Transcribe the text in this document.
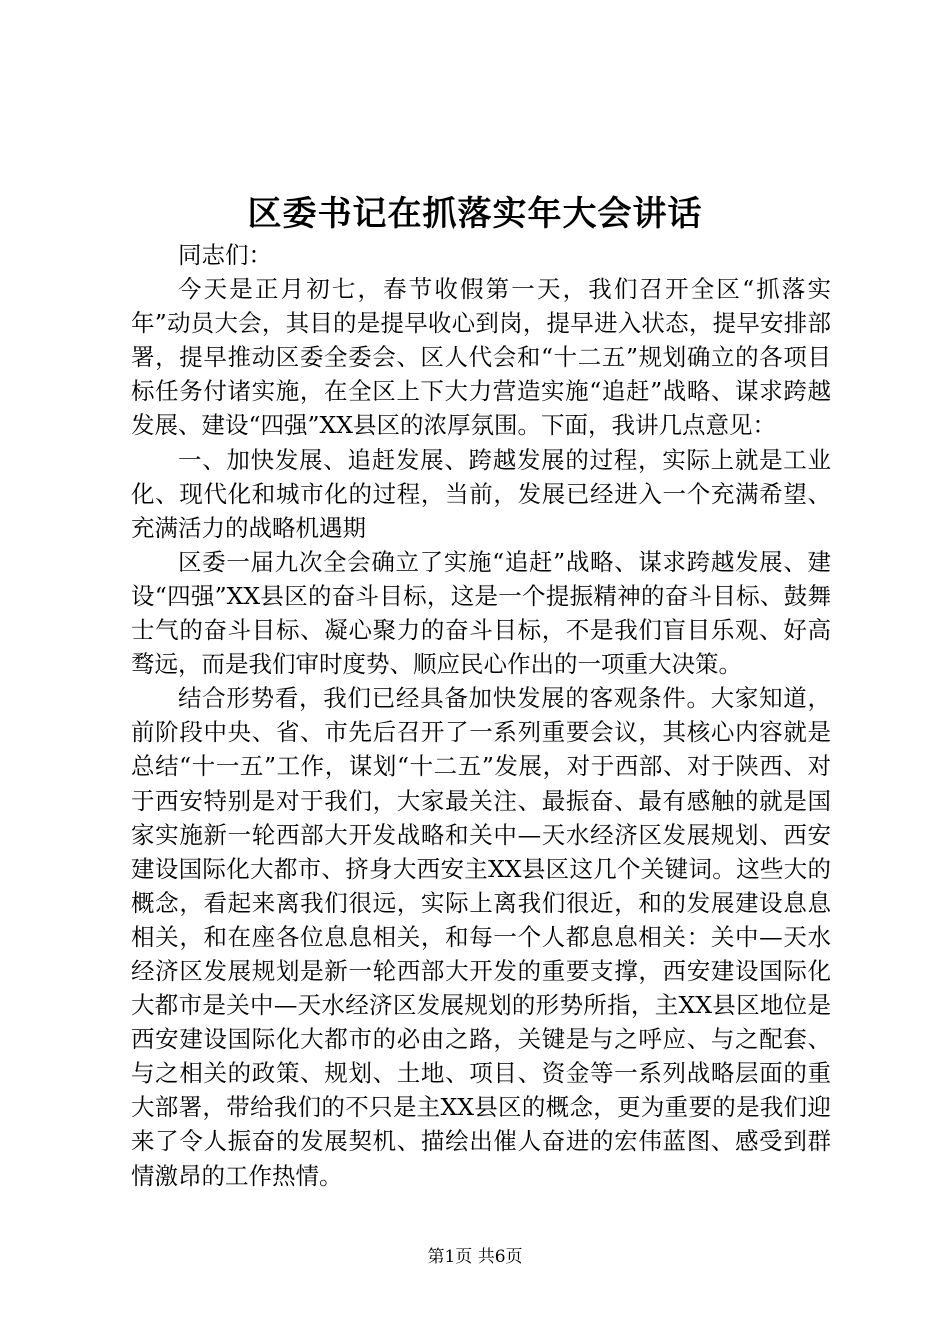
区委书记在抓落实年大会讲话

同志们：

今天是正月初七，春节收假第一天，我们召开全区“抓落实年”动员大会，其目的是提早收心到岗，提早进入状态，提早安排部署，提早推动区委全委会、区人代会和“十二五”规划确立的各项目标任务付诸实施，在全区上下大力营造实施“追赶”战略、谋求跨越发展、建设“四强”XX县区的浓厚氛围。下面，我讲几点意见：

一、加快发展、追赶发展、跨越发展的过程，实际上就是工业化、现代化和城市化的过程，当前，发展已经进入一个充满希望、充满活力的战略机遇期

区委一届九次全会确立了实施“追赶”战略、谋求跨越发展、建设“四强”XX县区的奋斗目标，这是一个提振精神的奋斗目标、鼓舞士气的奋斗目标、凝心聚力的奋斗目标，不是我们盲目乐观、好高骛远，而是我们审时度势、顺应民心作出的一项重大决策。

结合形势看，我们已经具备加快发展的客观条件。大家知道，前阶段中央、省、市先后召开了一系列重要会议，其核心内容就是总结“十一五”工作，谋划“十二五”发展，对于西部、对于陕西、对于西安特别是对于我们，大家最关注、最振奋、最有感触的就是国家实施新一轮西部大开发战略和关中—天水经济区发展规划、西安建设国际化大都市、挤身大西安主XX县区这几个关键词。这些大的概念，看起来离我们很远，实际上离我们很近，和的发展建设息息相关，和在座各位息息相关，和每一个人都息息相关：关中—天水经济区发展规划是新一轮西部大开发的重要支撑，西安建设国际化大都市是关中—天水经济区发展规划的形势所指，主XX县区地位是西安建设国际化大都市的必由之路，关键是与之呼应、与之配套、与之相关的政策、规划、土地、项目、资金等一系列战略层面的重大部署，带给我们的不只是主XX县区的概念，更为重要的是我们迎来了令人振奋的发展契机、描绘出催人奋进的宏伟蓝图、感受到群情激昂的工作热情。

第1页 共6页
